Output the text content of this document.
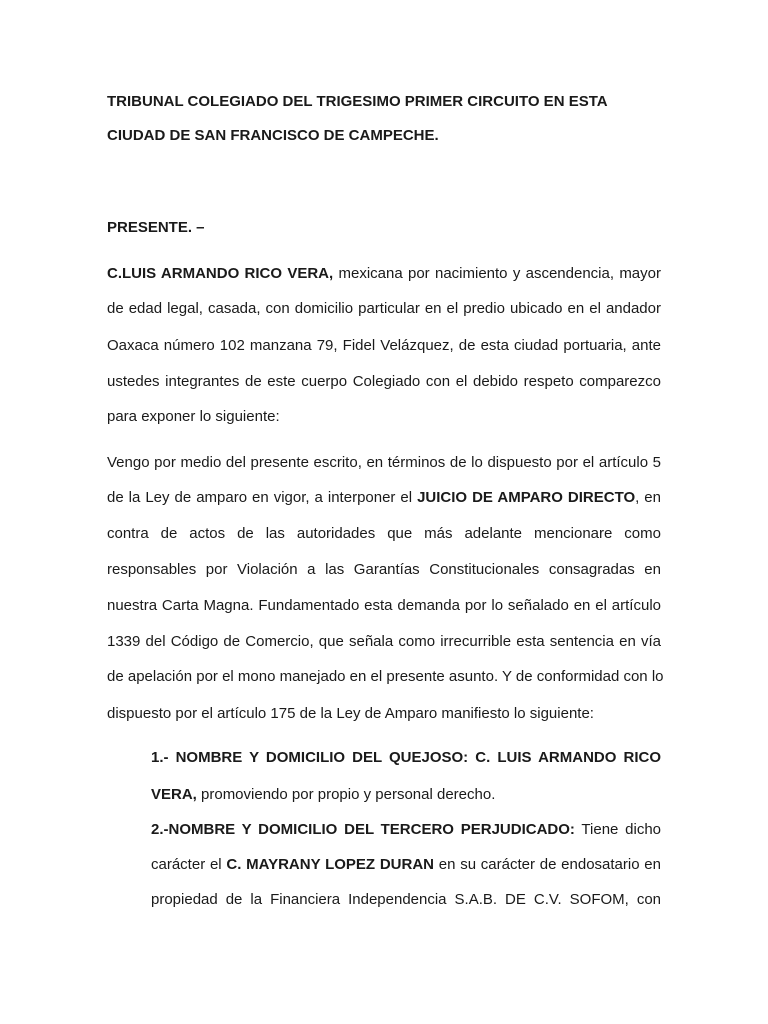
TRIBUNAL COLEGIADO DEL TRIGESIMO PRIMER CIRCUITO EN ESTA
CIUDAD DE SAN FRANCISCO DE CAMPECHE.
PRESENTE. –
C.LUIS ARMANDO RICO VERA, mexicana por nacimiento y ascendencia, mayor
de edad legal, casada, con domicilio particular en el predio ubicado en el andador
Oaxaca número 102 manzana 79, Fidel Velázquez, de esta ciudad portuaria, ante
ustedes integrantes de este cuerpo Colegiado con el debido respeto comparezco
para exponer lo siguiente:
Vengo por medio del presente escrito, en términos de lo dispuesto por el artículo 5
de la Ley de amparo en vigor, a interponer el JUICIO DE AMPARO DIRECTO, en
contra de actos de las autoridades que más adelante mencionare como
responsables por Violación a las Garantías Constitucionales consagradas en
nuestra Carta Magna. Fundamentado esta demanda por lo señalado en el artículo
1339 del Código de Comercio, que señala como irrecurrible esta sentencia en vía
de apelación por el mono manejado en el presente asunto. Y de conformidad con lo
dispuesto por el artículo 175 de la Ley de Amparo manifiesto lo siguiente:
1.- NOMBRE Y DOMICILIO DEL QUEJOSO: C. LUIS ARMANDO RICO
VERA, promoviendo por propio y personal derecho.
2.-NOMBRE Y DOMICILIO DEL TERCERO PERJUDICADO: Tiene dicho
carácter el C. MAYRANY LOPEZ DURAN en su carácter de endosatario en
propiedad de la Financiera Independencia S.A.B. DE C.V. SOFOM, con
